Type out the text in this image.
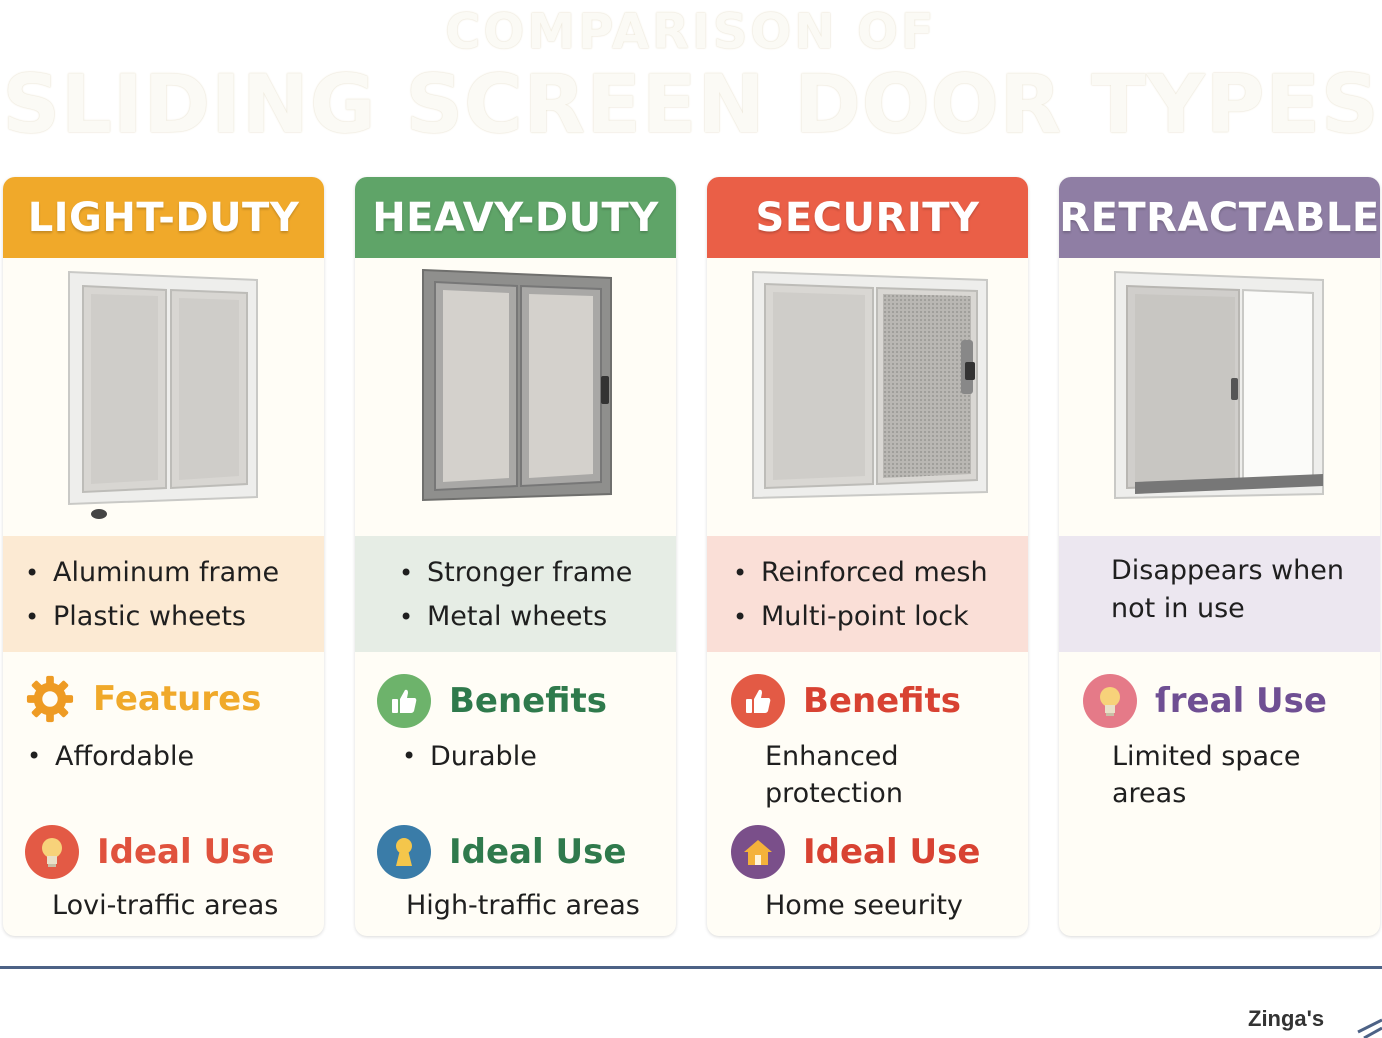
COMPARISON OF
SLIDING SCREEN DOOR TYPES
LIGHT-DUTY
• Aluminum frame
• Plastic wheets
Features
• Affordable
Ideal Use
Lovi-traffic areas
HEAVY-DUTY
• Stronger frame
• Metal wheets
Benefits
• Durable
Ideal Use
High-traffic areas
SECURITY
• Reinforced mesh
• Multi-point lock
Benefits
Enhanced protection
Ideal Use
Home seeurity
RETRACTABLE
Disappears when not in use
ſreal Use
Limited space areas
Zinga's
